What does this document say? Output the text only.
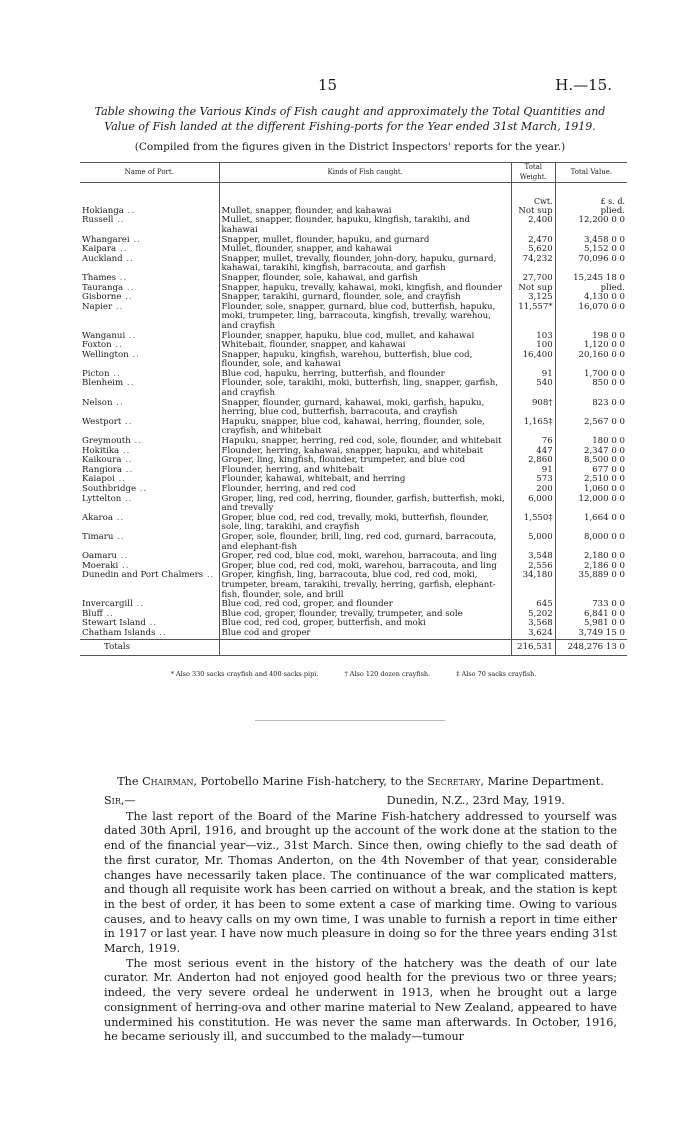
15	H.—15.
Table showing the Various Kinds of Fish caught and approximately the Total Quantities and Value of Fish landed at the different Fishing-ports for the Year ended 31st March, 1919.
(Compiled from the figures given in the District Inspectors' reports for the year.)
Name of Port.	Kinds of Fish caught.	Total Weight.	Total Value.

		Cwt.	£ s. d.
Hokianga ..	Mullet, snapper, flounder, and kahawai	Not sup	plied.
Russell ..	Mullet, snapper, flounder, hapuku, kingfish, tarakihi, and kahawai	2,400	12,200 0 0

Whangarei ..	Snapper, mullet, flounder, hapuku, and gurnard	2,470	3,458 0 0
Kaipara ..	Mullet, flounder, snapper, and kahawai	5,620	5,152 0 0
Auckland ..	Snapper, mullet, trevally, flounder, john-dory, hapuku, gurnard, kahawai, tarakihi, kingfish, barracouta, and garfish	74,232	70,096 0 0
Thames ..	Snapper, flounder, sole, kahawai, and garfish	27,700	15,245 18 0
Tauranga ..	Snapper, hapuku, trevally, kahawai, moki, kingfish, and flounder	Not sup	plied.
Gisborne ..	Snapper, tarakihi, gurnard, flounder, sole, and crayfish	3,125	4,130 0 0
Napier ..	Flounder, sole, snapper, gurnard, blue cod, butterfish, hapuku, moki, trumpeter, ling, barracouta, kingfish, trevally, warehou, and crayfish	11,557*	16,070 0 0
Wanganui ..	Flounder, snapper, hapuku, blue cod, mullet, and kahawai	103	198 0 0
Foxton ..	Whitebait, flounder, snapper, and kahawai	100	1,120 0 0
Wellington ..	Snapper, hapuku, kingfish, warehou, butterfish, blue cod, flounder, sole, and kahawai	16,400	20,160 0 0
Picton ..	Blue cod, hapuku, herring, butterfish, and flounder	91	1,700 0 0
Blenheim ..	Flounder, sole, tarakihi, moki, butterfish, ling, snapper, garfish, and crayfish	540	850 0 0
Nelson ..	Snapper, flounder, gurnard, kahawai, moki, garfish, hapuku, herring, blue cod, butterfish, barracouta, and crayfish	908†	823 0 0
Westport ..	Hapuku, snapper, blue cod, kahawai, herring, flounder, sole, crayfish, and whitebait	1,165‡	2,567 0 0
Greymouth ..	Hapuku, snapper, herring, red cod, sole, flounder, and whitebait	76	180 0 0
Hokitika ..	Flounder, herring, kahawai, snapper, hapuku, and whitebait	447	2,347 0 0
Kaikoura ..	Groper, ling, kingfish, flounder, trumpeter, and blue cod	2,860	8,500 0 0
Rangiora ..	Flounder, herring, and whitebait	91	677 0 0
Kaiapoi ..	Flounder, kahawai, whitebait, and herring	573	2,510 0 0
Southbridge ..	Flounder, herring, and red cod	200	1,060 0 0
Lyttelton ..	Groper, ling, red cod, herring, flounder, garfish, butterfish, moki, and trevally	6,000	12,000 0 0
Akaroa ..	Groper, blue cod, red cod, trevally, moki, butterfish, flounder, sole, ling, tarakihi, and crayfish	1,550‡	1,664 0 0
Timaru ..	Groper, sole, flounder, brill, ling, red cod, gurnard, barracouta, and elephant-fish	5,000	8,000 0 0
Oamaru ..	Groper, red cod, blue cod, moki, warehou, barracouta, and ling	3,548	2,180 0 0
Moeraki ..	Groper, blue cod, red cod, moki, warehou, barracouta, and ling	2,556	2,186 0 0
Dunedin and Port Chalmers ..	Groper, kingfish, ling, barracouta, blue cod, red cod, moki, trumpeter, bream, tarakihi, trevally, herring, garfish, elephant-fish, flounder, sole, and brill	34,180	35,889 0 0
Invercargill ..	Blue cod, red cod, groper, and flounder	645	733 0 0
Bluff ..	Blue cod, groper, flounder, trevally, trumpeter, and sole	5,202	6,841 0 0
Stewart Island ..	Blue cod, red cod, groper, butterfish, and moki	3,568	5,981 0 0
Chatham Islands ..	Blue cod and groper	3,624	3,749 15 0
Totals		216,531	248,276 13 0
* Also 330 sacks crayfish and 400 sacks pipi.	† Also 120 dozen crayfish.	‡ Also 70 sacks crayfish.

The Chairman, Portobello Marine Fish-hatchery, to the Secretary, Marine Department.

Sir,—	Dunedin, N.Z., 23rd May, 1919.

The last report of the Board of the Marine Fish-hatchery addressed to yourself was dated 30th April, 1916, and brought up the account of the work done at the station to the end of the financial year—viz., 31st March. Since then, owing chiefly to the sad death of the first curator, Mr. Thomas Anderton, on the 4th November of that year, considerable changes have necessarily taken place. The continuance of the war complicated matters, and though all requisite work has been carried on without a break, and the station is kept in the best of order, it has been to some extent a case of marking time. Owing to various causes, and to heavy calls on my own time, I was unable to furnish a report in time either in 1917 or last year. I have now much pleasure in doing so for the three years ending 31st March, 1919.

The most serious event in the history of the hatchery was the death of our late curator. Mr. Anderton had not enjoyed good health for the previous two or three years; indeed, the very severe ordeal he underwent in 1913, when he brought out a large consignment of herring-ova and other marine material to New Zealand, appeared to have undermined his constitution. He was never the same man afterwards. In October, 1916, he became seriously ill, and succumbed to the malady—tumour
